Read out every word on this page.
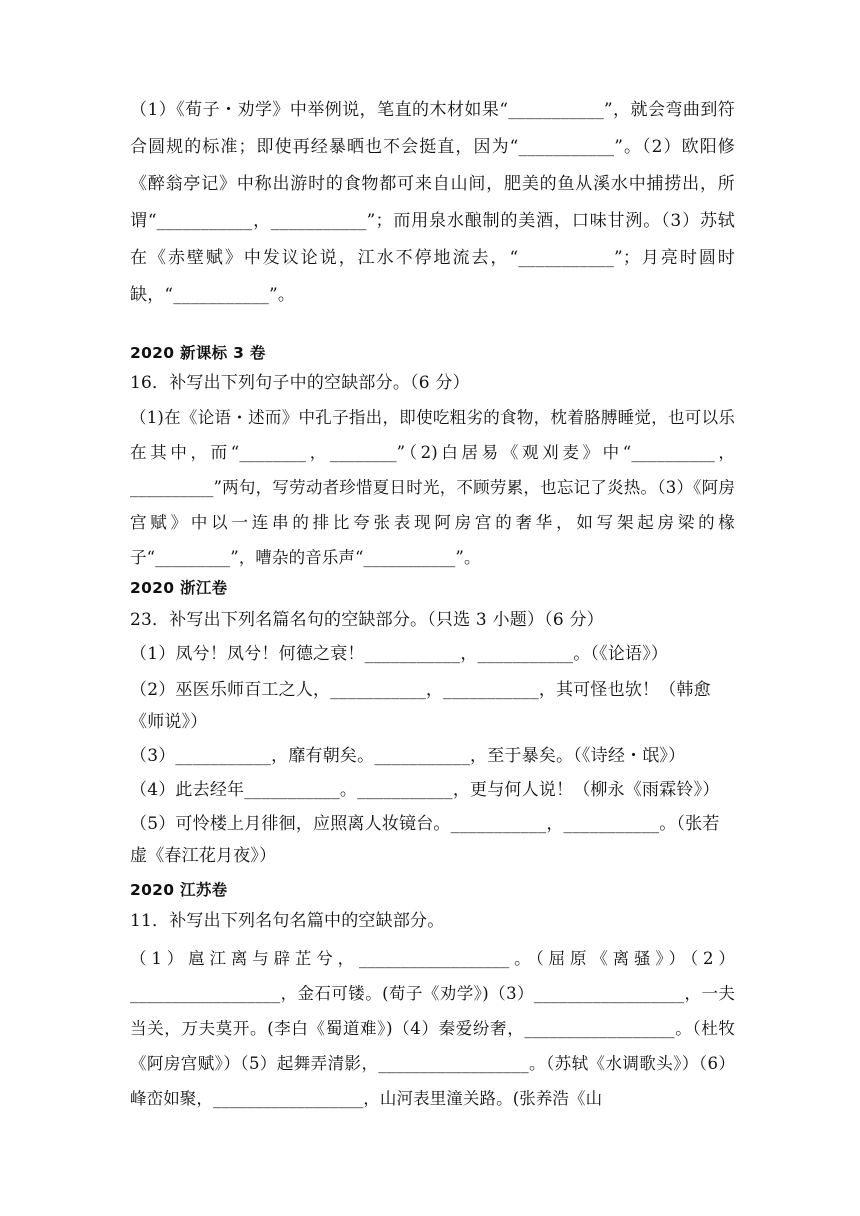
（1）《荀子・劝学》中举例说，笔直的木材如果“___________”，就会弯曲到符合圆规的标准；即使再经暴晒也不会挺直，因为“___________”。（2）欧阳修《醉翁亭记》中称出游时的食物都可来自山间，肥美的鱼从溪水中捕捞出，所谓“___________，___________”；而用泉水酿制的美酒，口味甘洌。（3）苏轼在《赤壁赋》中发议论说，江水不停地流去，“___________”；月亮时圆时缺，“___________”。
2020 新课标 3 卷
16．补写出下列句子中的空缺部分。（6 分）
（1)在《论语・述而》中孔子指出，即使吃粗劣的食物，枕着胳膊睡觉，也可以乐在其中，而“________，________”（2)白居易《观刈麦》中“__________，__________”两句，写劳动者珍惜夏日时光，不顾劳累，也忘记了炎热。（3）《阿房宫赋》中以一连串的排比夸张表现阿房宫的奢华，如写架起房梁的椽子“_________”，嘈杂的音乐声“___________”。
2020 浙江卷
23．补写出下列名篇名句的空缺部分。（只选 3 小题）（6 分）
（1）凤兮！凤兮！何德之衰！___________，___________。（《论语》）
（2）巫医乐师百工之人，___________，___________，其可怪也欤！（韩愈《师说》）
（3）___________，靡有朝矣。___________，至于暴矣。（《诗经・氓》）
（4）此去经年___________。___________，更与何人说！（柳永《雨霖铃》）
（5）可怜楼上月徘徊，应照离人妆镜台。___________，___________。（张若虚《春江花月夜》）
2020 江苏卷
11．补写出下列名句名篇中的空缺部分。
（1）扈江离与辟芷兮，__________________。（屈原《离骚》）（2）__________________，金石可镂。(荀子《劝学》)（3）__________________，一夫当关，万夫莫开。(李白《蜀道难》)（4）秦爱纷奢，__________________。（杜牧《阿房宫赋》）（5）起舞弄清影，__________________。（苏轼《水调歌头》）（6）峰峦如聚，__________________，山河表里潼关路。(张养浩《山
